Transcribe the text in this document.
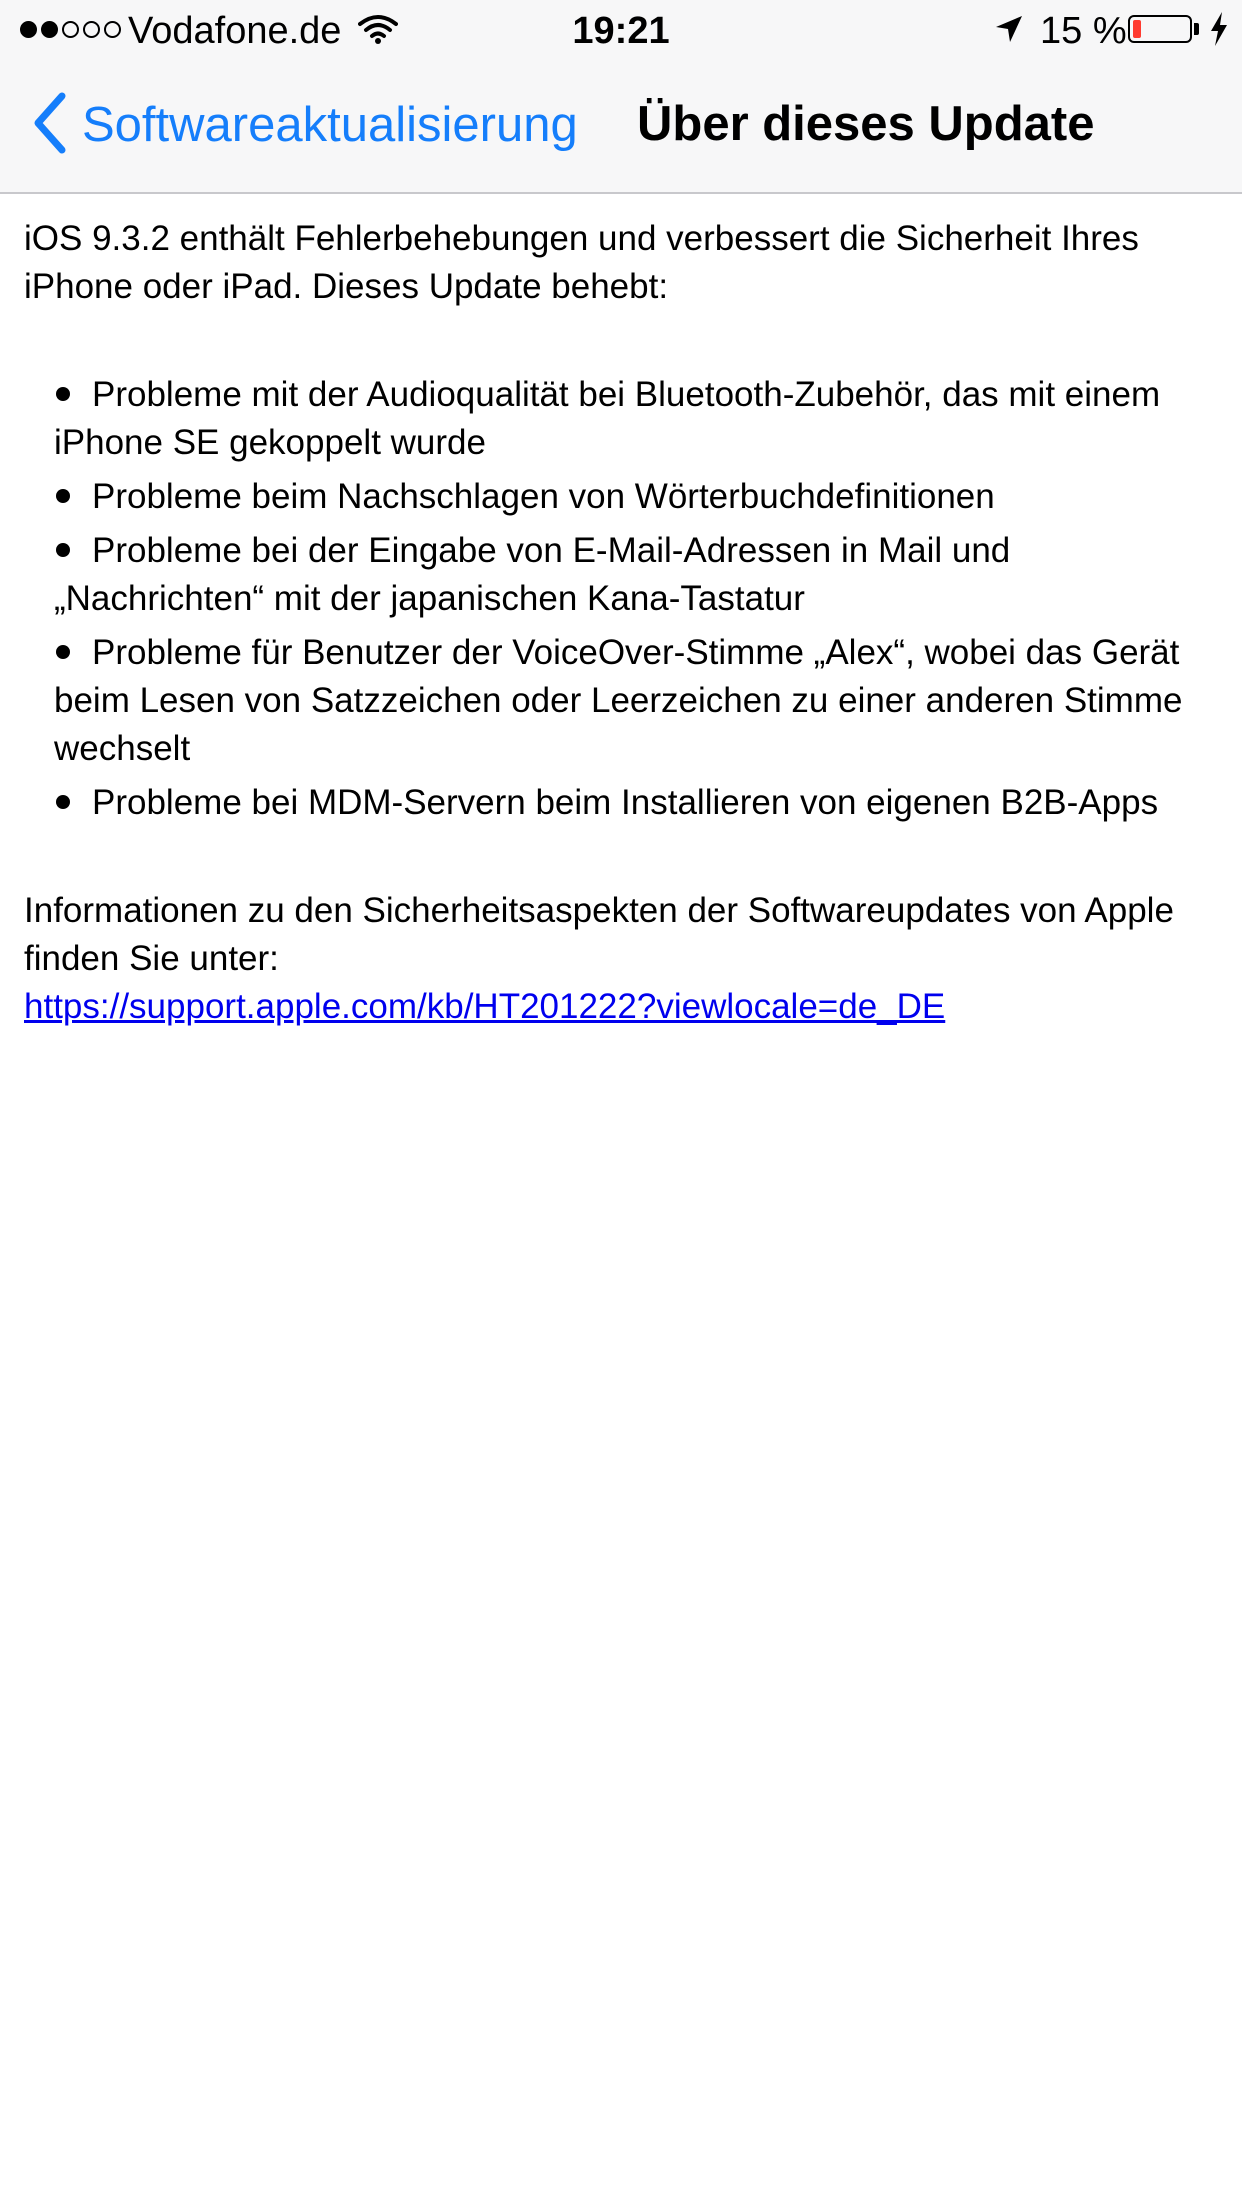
Vodafone.de	19:21	15 %
Softwareaktualisierung Über dieses Update

iOS 9.3.2 enthält Fehlerbehebungen und verbessert die Sicherheit Ihres iPhone oder iPad. Dieses Update behebt:

Probleme mit der Audioqualität bei Bluetooth-Zubehör, das mit einem iPhone SE gekoppelt wurde
Probleme beim Nachschlagen von Wörterbuchdefinitionen
Probleme bei der Eingabe von E-Mail-Adressen in Mail und „Nachrichten“ mit der japanischen Kana-Tastatur
Probleme für Benutzer der VoiceOver-Stimme „Alex“, wobei das Gerät beim Lesen von Satzzeichen oder Leerzeichen zu einer anderen Stimme wechselt
Probleme bei MDM-Servern beim Installieren von eigenen B2B-Apps

Informationen zu den Sicherheitsaspekten der Softwareupdates von Apple finden Sie unter:
https://support.apple.com/kb/HT201222?viewlocale=de_DE
